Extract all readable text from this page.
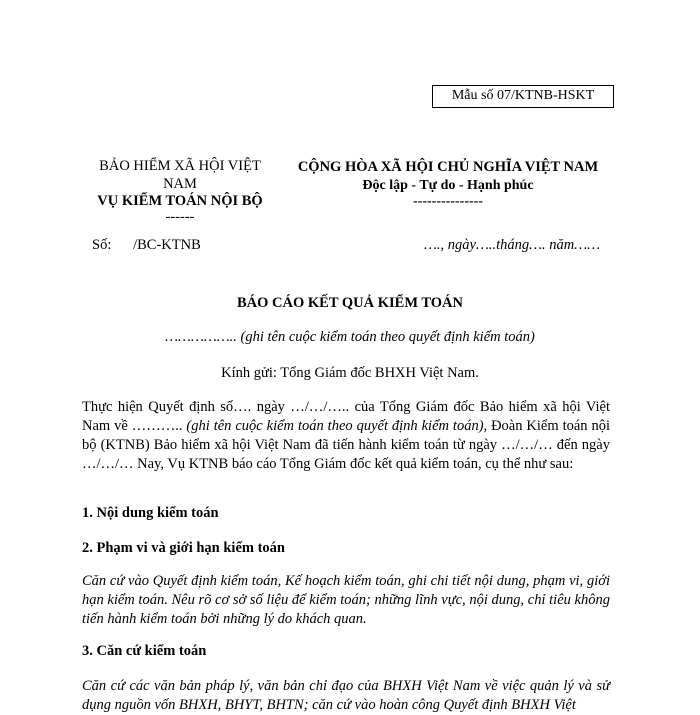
Mẫu số 07/KTNB-HSKT
BẢO HIỂM XÃ HỘI VIỆT
NAM
VỤ KIỂM TOÁN NỘI BỘ
------
Số:      /BC-KTNB
CỘNG HÒA XÃ HỘI CHỦ NGHĨA VIỆT NAM
Độc lập - Tự do - Hạnh phúc
---------------
…., ngày…..tháng…. năm……
BÁO CÁO KẾT QUẢ KIỂM TOÁN
…………….. (ghi tên cuộc kiểm toán theo quyết định kiểm toán)
Kính gửi: Tổng Giám đốc BHXH Việt Nam.
Thực hiện Quyết định số…. ngày …/…/….. của Tổng Giám đốc Bảo hiểm xã hội Việt Nam về ……….. (ghi tên cuộc kiểm toán theo quyết định kiểm toán), Đoàn Kiểm toán nội bộ (KTNB) Bảo hiểm xã hội Việt Nam đã tiến hành kiểm toán từ ngày …/…/… đến ngày …/…/… Nay, Vụ KTNB báo cáo Tổng Giám đốc kết quả kiểm toán, cụ thể như sau:
1. Nội dung kiểm toán
2. Phạm vi và giới hạn kiểm toán
Căn cứ vào Quyết định kiểm toán, Kế hoạch kiểm toán, ghi chi tiết nội dung, phạm vi, giới hạn kiểm toán. Nêu rõ cơ sở số liệu để kiểm toán; những lĩnh vực, nội dung, chỉ tiêu không tiến hành kiểm toán bởi những lý do khách quan.
3. Căn cứ kiểm toán
Căn cứ các văn bản pháp lý, văn bản chỉ đạo của BHXH Việt Nam về việc quản lý và sử dụng nguồn vốn BHXH, BHYT, BHTN; căn cứ vào hoàn công Quyết định BHXH Việt
